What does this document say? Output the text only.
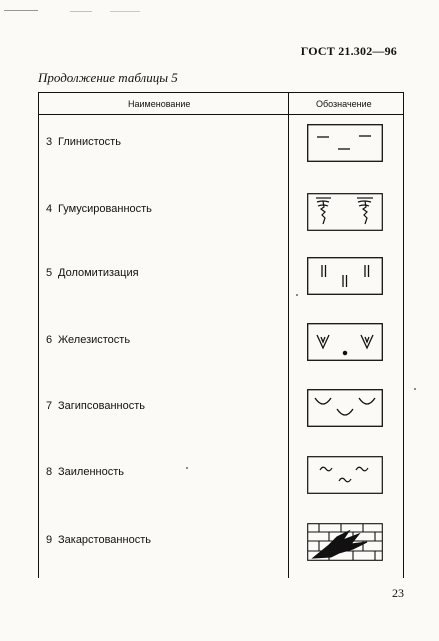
ГОСТ 21.302—96
Продолжение таблицы 5
Наименование	Обозначение
3 Глинистость
4 Гумусированность
5 Доломитизация
6 Железистость
7 Загипсованность
8 Заиленность
9 Закарстованность
23
